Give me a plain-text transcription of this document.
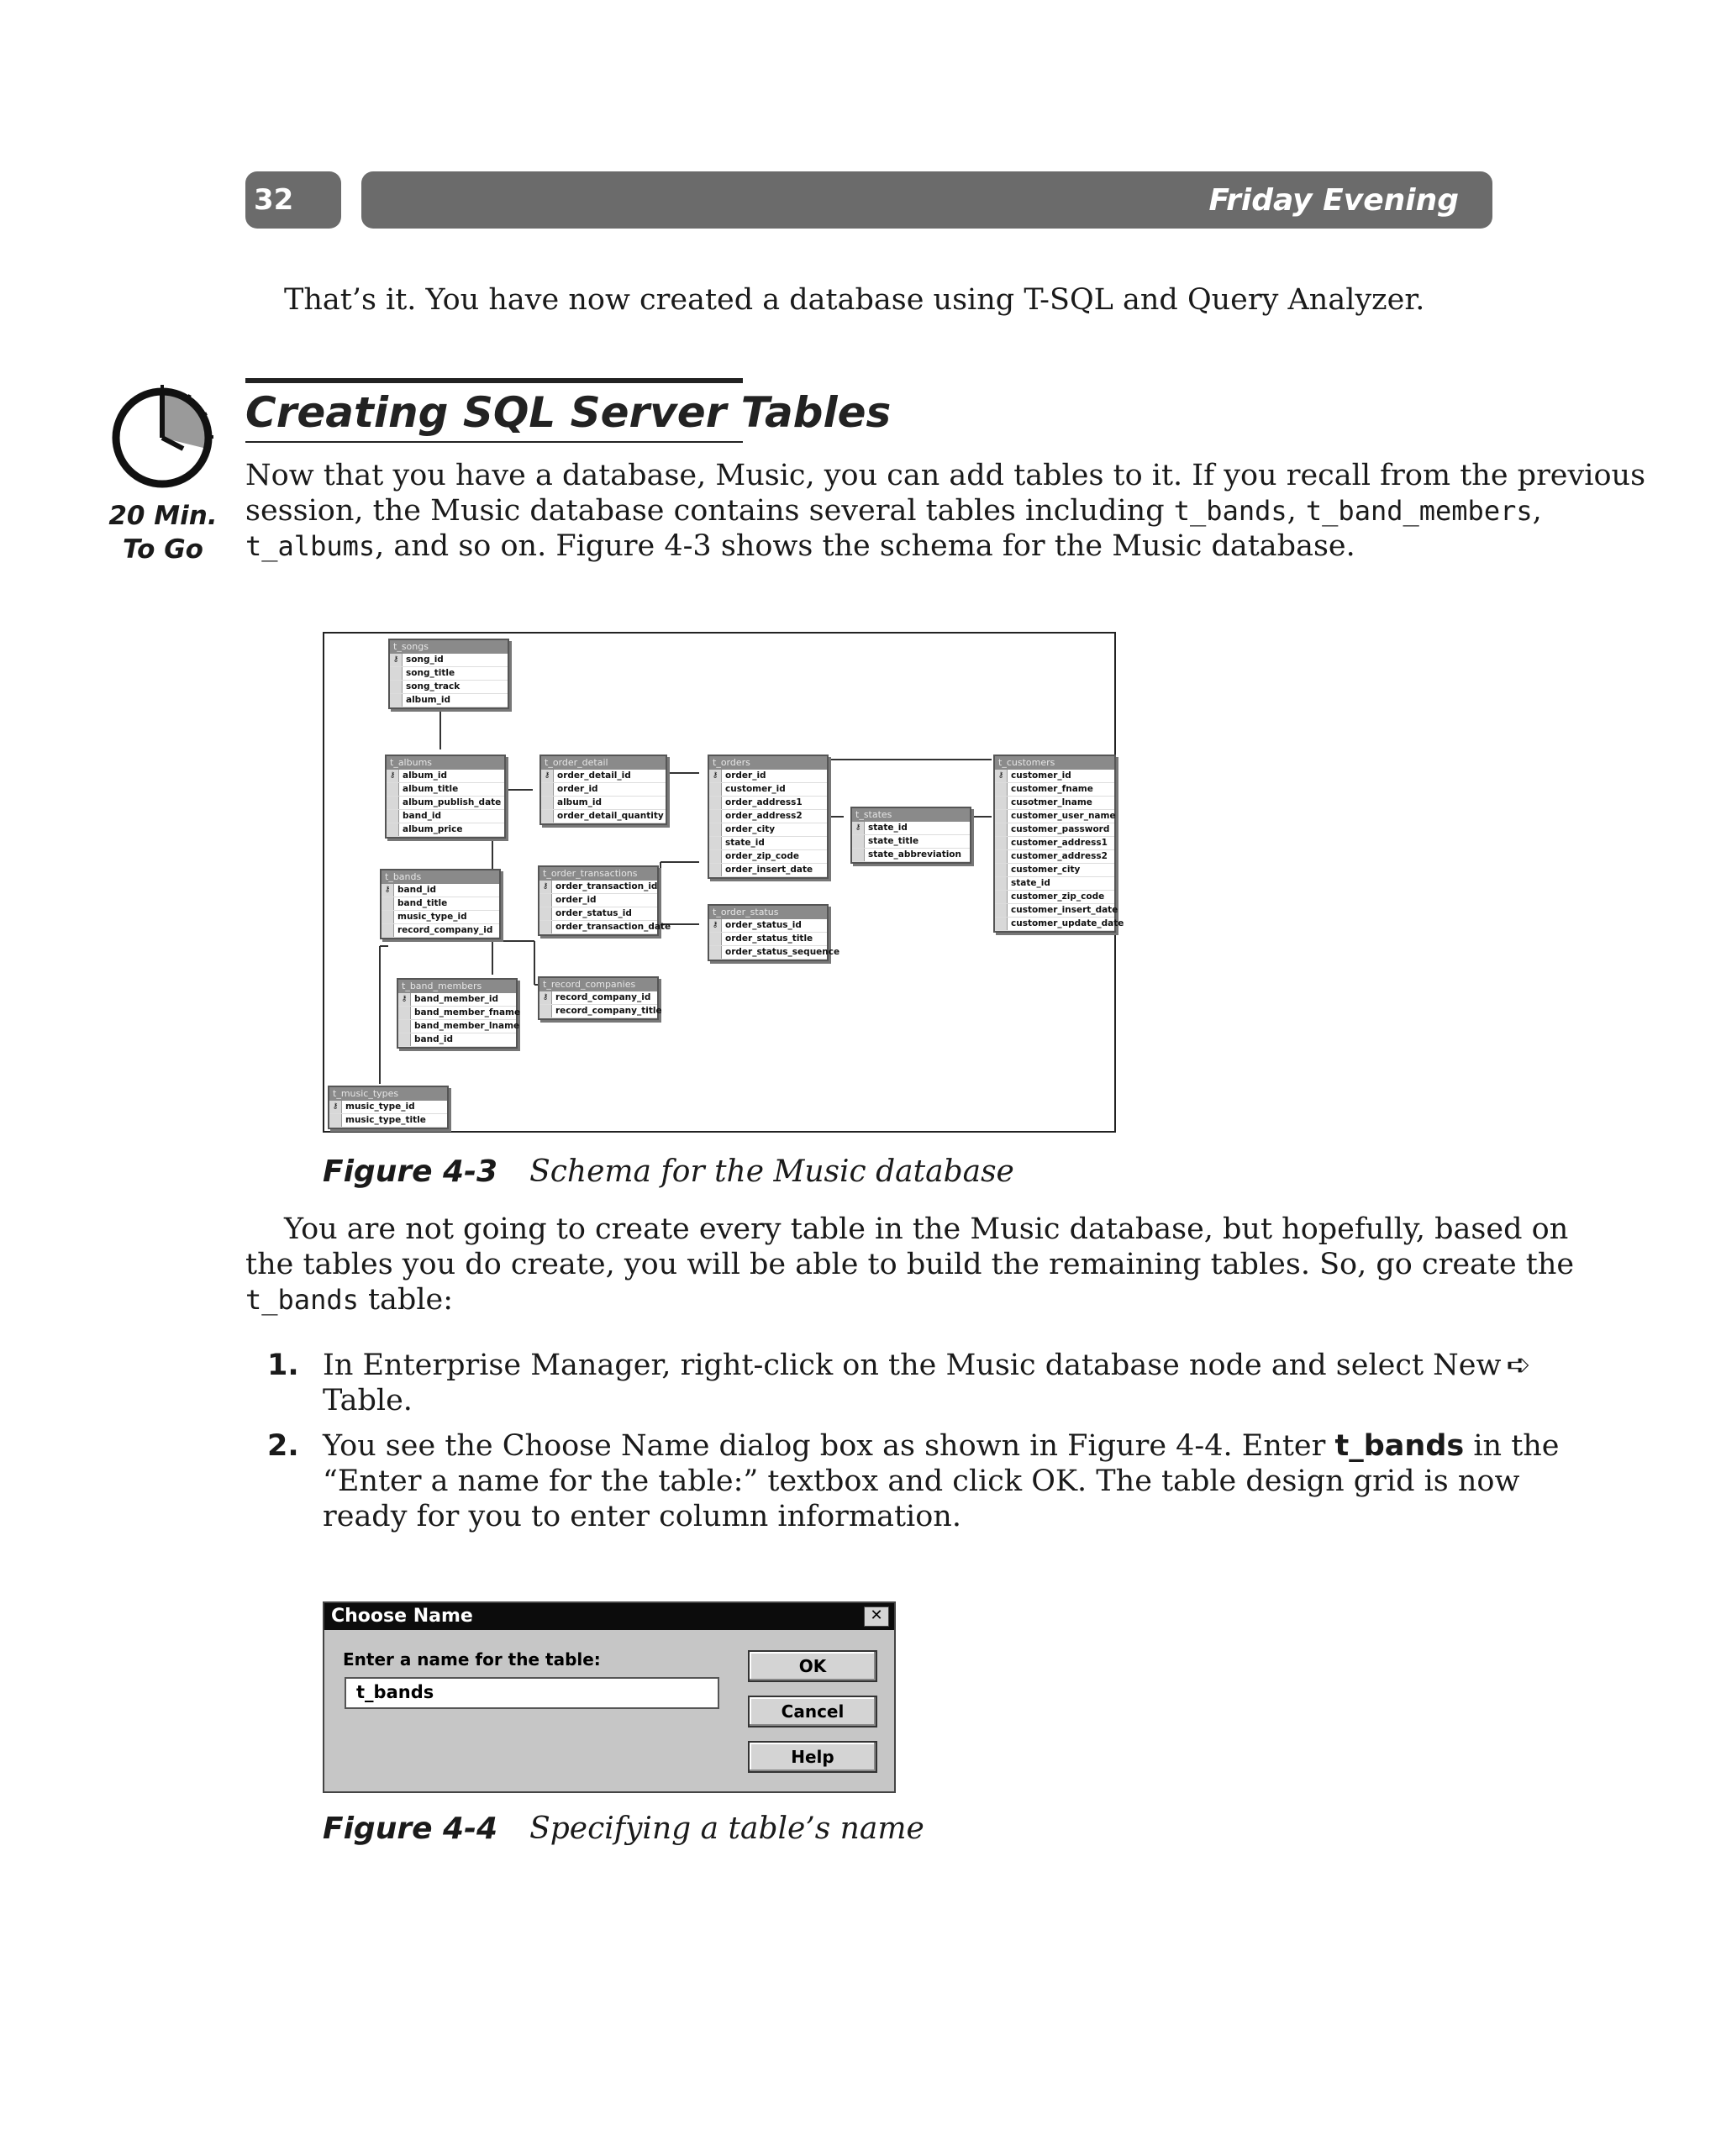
32	Friday Evening
That’s it. You have now created a database using T-SQL and Query Analyzer.
20 Min.
To Go
Creating SQL Server Tables
Now that you have a database, Music, you can add tables to it. If you recall from the previous
session, the Music database contains several tables including t_bands, t_band_members,
t_albums, and so on. Figure 4-3 shows the schema for the Music database.
t_songs
⚷ song_id
song_title
song_track
album_id
t_albums
⚷ album_id
album_title
album_publish_date
band_id
album_price
t_order_detail
⚷ order_detail_id
order_id
album_id
order_detail_quantity
t_orders
⚷ order_id
customer_id
order_address1
order_address2
order_city
state_id
order_zip_code
order_insert_date
t_states
⚷ state_id
state_title
state_abbreviation
t_customers
⚷ customer_id
customer_fname
cusotmer_lname
customer_user_name
customer_password
customer_address1
customer_address2
customer_city
state_id
customer_zip_code
customer_insert_date
customer_update_date
t_bands
⚷ band_id
band_title
music_type_id
record_company_id
t_order_transactions
⚷ order_transaction_id
order_id
order_status_id
order_transaction_date
t_order_status
⚷ order_status_id
order_status_title
order_status_sequence
t_band_members
⚷ band_member_id
band_member_fname
band_member_lname
band_id
t_record_companies
⚷ record_company_id
record_company_title
t_music_types
⚷ music_type_id
music_type_title
Figure 4-3 Schema for the Music database
You are not going to create every table in the Music database, but hopefully, based on
the tables you do create, you will be able to build the remaining tables. So, go create the
t_bands table:
1. In Enterprise Manager, right-click on the Music database node and select New ➪
Table.
2. You see the Choose Name dialog box as shown in Figure 4-4. Enter t_bands in the
“Enter a name for the table:” textbox and click OK. The table design grid is now
ready for you to enter column information.
Choose Name	✕
Enter a name for the table:
t_bands
OK
Cancel
Help
Figure 4-4 Specifying a table’s name
